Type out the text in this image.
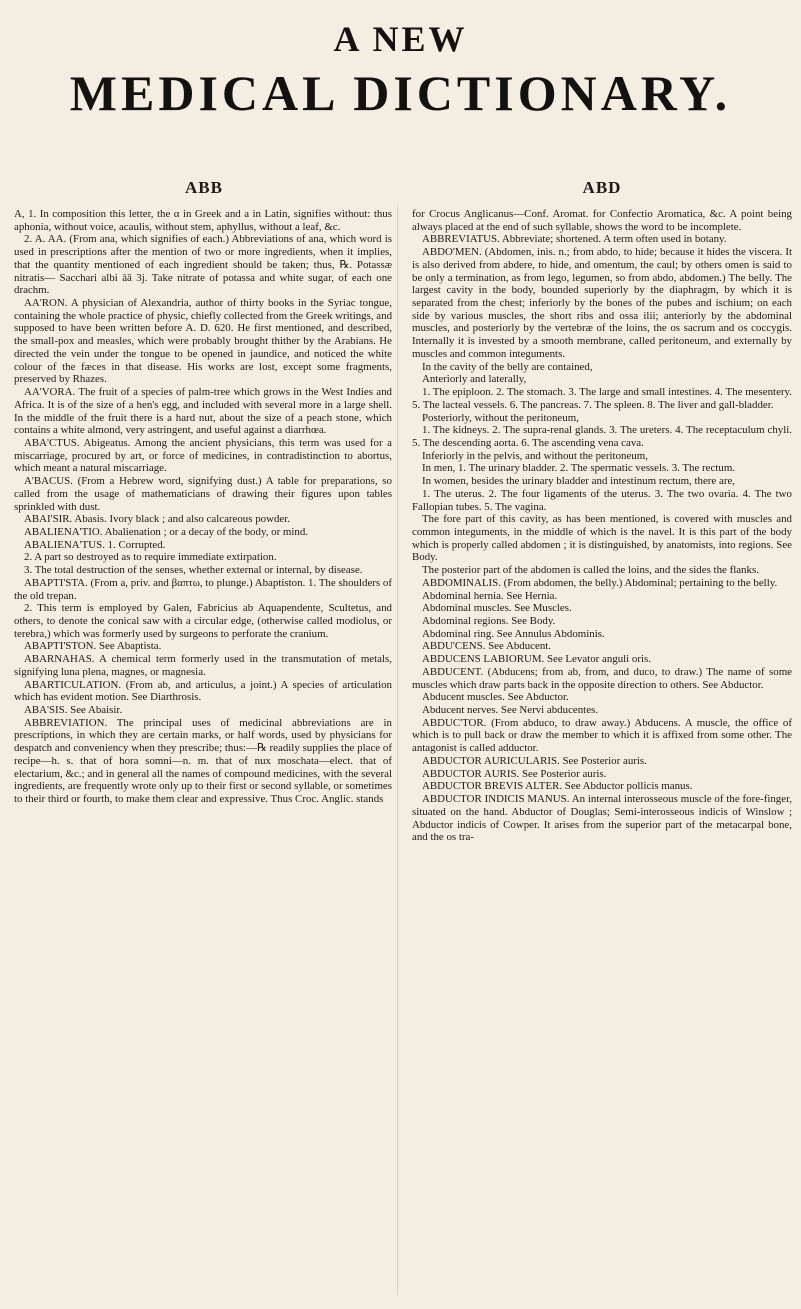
A NEW
MEDICAL DICTIONARY.
ABB	ABD

A, 1. In composition this letter, the α in Greek and a in Latin, signifies without: thus aphonia, without voice, acaulis, without stem, aphyllus, without a leaf, &c.

2. A. AA. (From ana, which signifies of each.) Abbreviations of ana, which word is used in prescriptions after the mention of two or more ingredients, when it implies, that the quantity mentioned of each ingredient should be taken; thus, ℞. Potassæ nitratis— Sacchari albi āā 3j. Take nitrate of potassa and white sugar, of each one drachm.

AA'RON. A physician of Alexandria, author of thirty books in the Syriac tongue, containing the whole practice of physic, chiefly collected from the Greek writings, and supposed to have been written before A. D. 620. He first mentioned, and described, the small-pox and measles, which were probably brought thither by the Arabians. He directed the vein under the tongue to be opened in jaundice, and noticed the white colour of the fæces in that disease. His works are lost, except some fragments, preserved by Rhazes.

AA'VORA. The fruit of a species of palm-tree which grows in the West Indies and Africa. It is of the size of a hen's egg, and included with several more in a large shell. In the middle of the fruit there is a hard nut, about the size of a peach stone, which contains a white almond, very astringent, and useful against a diarrhœa.

ABA'CTUS. Abigeatus. Among the ancient physicians, this term was used for a miscarriage, procured by art, or force of medicines, in contradistinction to abortus, which meant a natural miscarriage.

A'BACUS. (From a Hebrew word, signifying dust.) A table for preparations, so called from the usage of mathematicians of drawing their figures upon tables sprinkled with dust.

ABAI'SIR. Abasis. Ivory black ; and also calcareous powder.

ABALIENA'TIO. Abalienation ; or a decay of the body, or mind.

ABALIENA'TUS. 1. Corrupted.

2. A part so destroyed as to require immediate extirpation.

3. The total destruction of the senses, whether external or internal, by disease.

ABAPTI'STA. (From a, priv. and βαπτω, to plunge.) Abaptiston. 1. The shoulders of the old trepan.

2. This term is employed by Galen, Fabricius ab Aquapendente, Scultetus, and others, to denote the conical saw with a circular edge, (otherwise called modiolus, or terebra,) which was formerly used by surgeons to perforate the cranium.

ABAPTI'STON. See Abaptista.

ABARNAHAS. A chemical term formerly used in the transmutation of metals, signifying luna plena, magnes, or magnesia.

ABARTICULATION. (From ab, and articulus, a joint.) A species of articulation which has evident motion. See Diarthrosis.

ABA'SIS. See Abaisir.

ABBREVIATION. The principal uses of medicinal abbreviations are in prescriptions, in which they are certain marks, or half words, used by physicians for despatch and conveniency when they prescribe; thus:—℞ readily supplies the place of recipe—h. s. that of hora somni—n. m. that of nux moschata—elect. that of electarium, &c.; and in general all the names of compound medicines, with the several ingredients, are frequently wrote only up to their first or second syllable, or sometimes to their third or fourth, to make them clear and expressive. Thus Croc. Anglic. stands

for Crocus Anglicanus—Conf. Aromat. for Confectio Aromatica, &c. A point being always placed at the end of such syllable, shows the word to be incomplete.

ABBREVIATUS. Abbreviate; shortened. A term often used in botany.

ABDO'MEN. (Abdomen, inis. n.; from abdo, to hide; because it hides the viscera. It is also derived from abdere, to hide, and omentum, the caul; by others omen is said to be only a termination, as from lego, legumen, so from abdo, abdomen.) The belly. The largest cavity in the body, bounded superiorly by the diaphragm, by which it is separated from the chest; inferiorly by the bones of the pubes and ischium; on each side by various muscles, the short ribs and ossa ilii; anteriorly by the abdominal muscles, and posteriorly by the vertebræ of the loins, the os sacrum and os coccygis. Internally it is invested by a smooth membrane, called peritoneum, and externally by muscles and common integuments.

In the cavity of the belly are contained,

Anteriorly and laterally,

1. The epiploon. 2. The stomach. 3. The large and small intestines. 4. The mesentery. 5. The lacteal vessels. 6. The pancreas. 7. The spleen. 8. The liver and gall-bladder.

Posteriorly, without the peritoneum,

1. The kidneys. 2. The supra-renal glands. 3. The ureters. 4. The receptaculum chyli. 5. The descending aorta. 6. The ascending vena cava.

Inferiorly in the pelvis, and without the peritoneum,

In men, 1. The urinary bladder. 2. The spermatic vessels. 3. The rectum.

In women, besides the urinary bladder and intestinum rectum, there are,

1. The uterus. 2. The four ligaments of the uterus. 3. The two ovaria. 4. The two Fallopian tubes. 5. The vagina.

The fore part of this cavity, as has been mentioned, is covered with muscles and common integuments, in the middle of which is the navel. It is this part of the body which is properly called abdomen ; it is distinguished, by anatomists, into regions. See Body.

The posterior part of the abdomen is called the loins, and the sides the flanks.

ABDOMINALIS. (From abdomen, the belly.) Abdominal; pertaining to the belly.

Abdominal hernia. See Hernia.

Abdominal muscles. See Muscles.

Abdominal regions. See Body.

Abdominal ring. See Annulus Abdominis.

ABDU'CENS. See Abducent.

ABDUCENS LABIORUM. See Levator anguli oris.

ABDUCENT. (Abducens; from ab, from, and duco, to draw.) The name of some muscles which draw parts back in the opposite direction to others. See Abductor.

Abducent muscles. See Abductor.

Abducent nerves. See Nervi abducentes.

ABDUC'TOR. (From abduco, to draw away.) Abducens. A muscle, the office of which is to pull back or draw the member to which it is affixed from some other. The antagonist is called adductor.

ABDUCTOR AURICULARIS. See Posterior auris.

ABDUCTOR AURIS. See Posterior auris.

ABDUCTOR BREVIS ALTER. See Abductor pollicis manus.

ABDUCTOR INDICIS MANUS. An internal interosseous muscle of the fore-finger, situated on the hand. Abductor of Douglas; Semi-interosseous indicis of Winslow ; Abductor indicis of Cowper. It arises from the superior part of the metacarpal bone, and the os tra-
